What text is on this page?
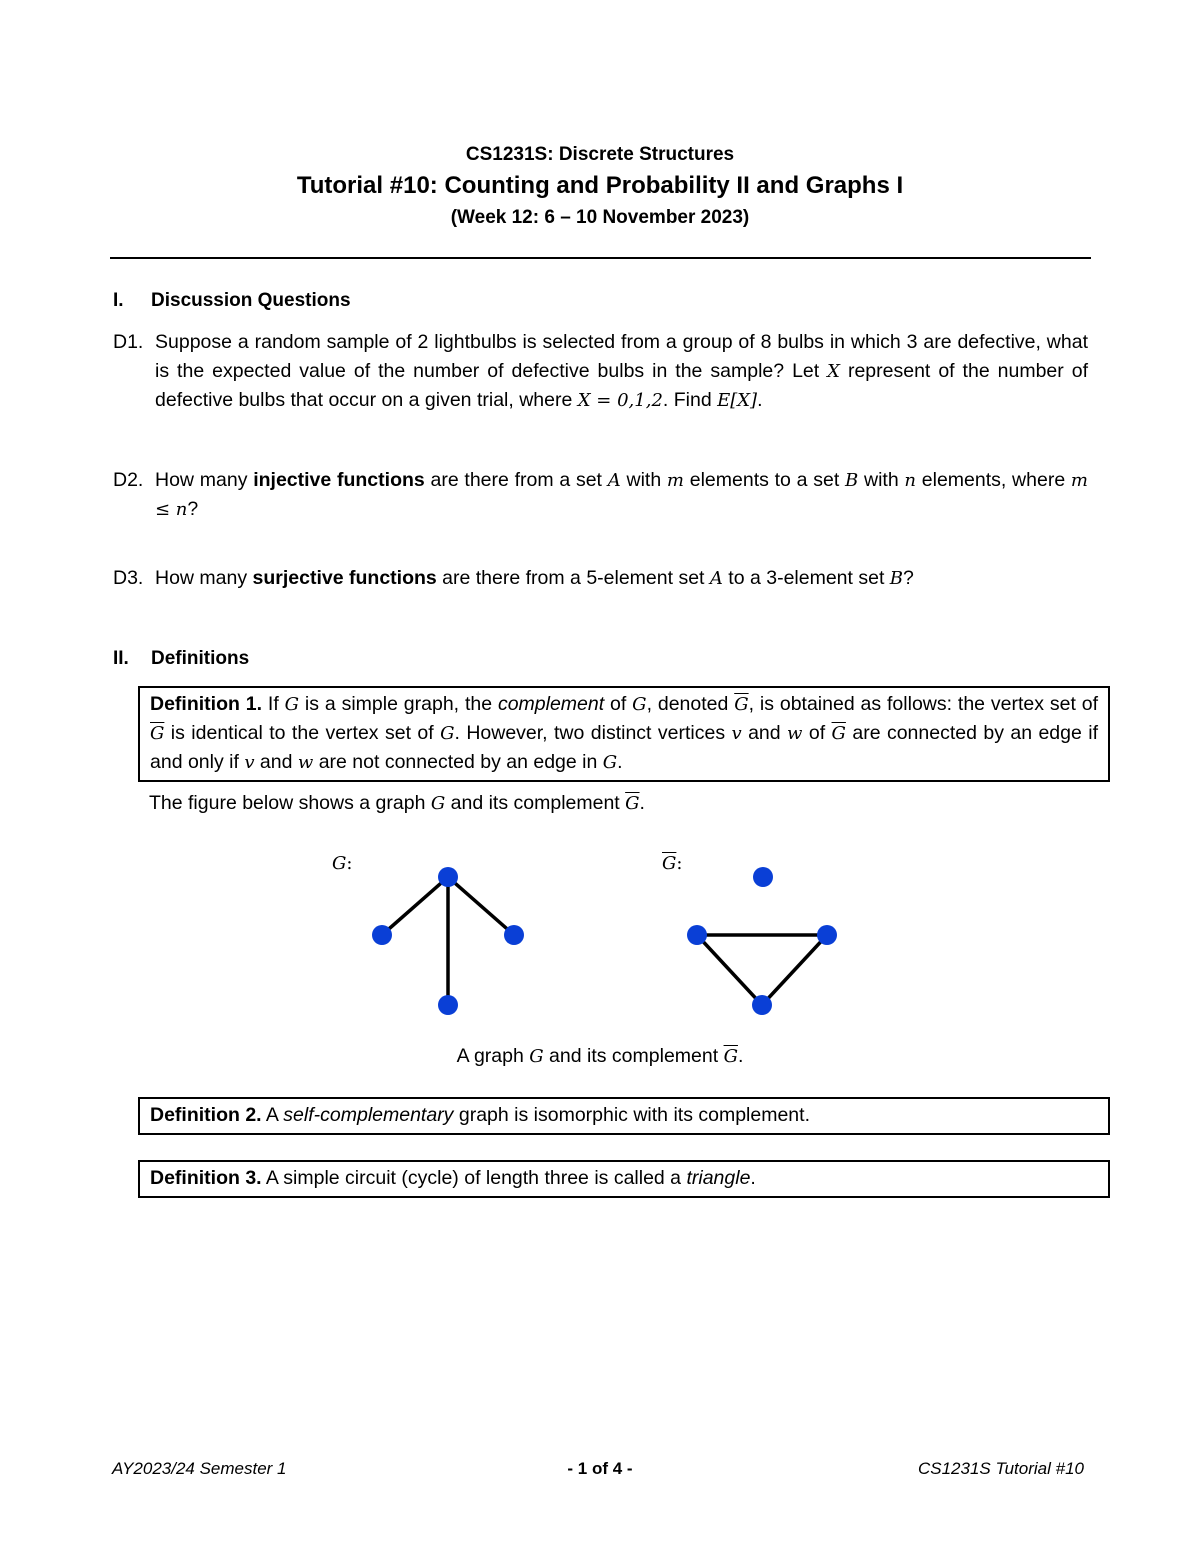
CS1231S: Discrete Structures
Tutorial #10: Counting and Probability II and Graphs I
(Week 12: 6 – 10 November 2023)
I. Discussion Questions
D1. Suppose a random sample of 2 lightbulbs is selected from a group of 8 bulbs in which 3 are defective, what is the expected value of the number of defective bulbs in the sample? Let X represent of the number of defective bulbs that occur on a given trial, where X = 0,1,2. Find E[X].
D2. How many injective functions are there from a set A with m elements to a set B with n elements, where m ≤ n?
D3. How many surjective functions are there from a 5-element set A to a 3-element set B?
II. Definitions
Definition 1. If G is a simple graph, the complement of G, denoted $\overline{G}$, is obtained as follows: the vertex set of $\overline{G}$ is identical to the vertex set of G. However, two distinct vertices v and w of $\overline{G}$ are connected by an edge if and only if v and w are not connected by an edge in G.
The figure below shows a graph G and its complement $\overline{G}$.
G:	$\overline{G}$:
A graph G and its complement $\overline{G}$.
Definition 2. A self-complementary graph is isomorphic with its complement.
Definition 3. A simple circuit (cycle) of length three is called a triangle.
AY2023/24 Semester 1	- 1 of 4 -	CS1231S Tutorial #10
